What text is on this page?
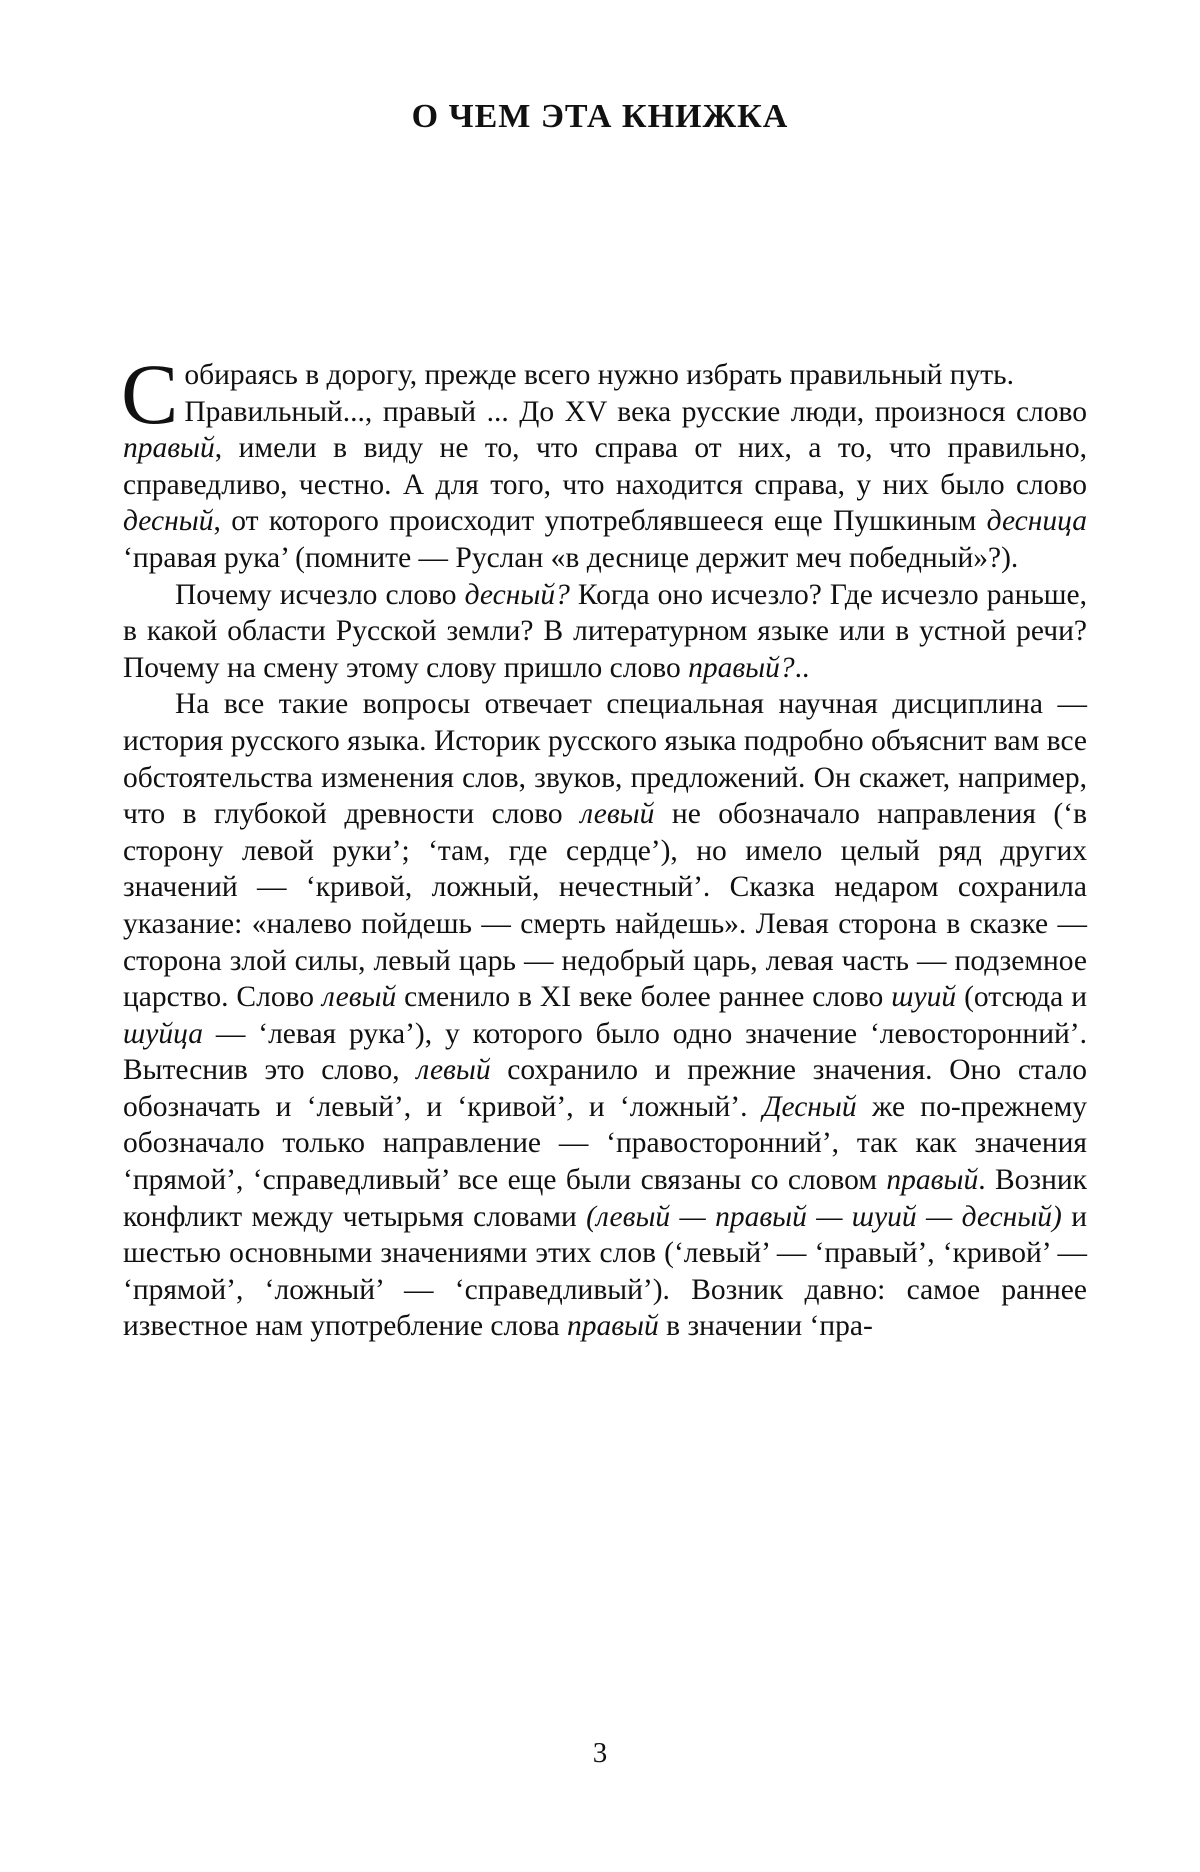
О ЧЕМ ЭТА КНИЖКА

С обираясь в дорогу, прежде всего нужно избрать правильный путь.

Правильный..., правый ... До XV века русские люди, произнося слово правый, имели в виду не то, что справа от них, а то, что правильно, справедливо, честно. А для того, что находится справа, у них было слово десный, от которого происходит употреблявшееся еще Пушкиным десница ‘правая рука’ (помните — Руслан «в деснице держит меч победный»?).

Почему исчезло слово десный? Когда оно исчезло? Где исчезло раньше, в какой области Русской земли? В литературном языке или в устной речи? Почему на смену этому слову пришло слово правый?..

На все такие вопросы отвечает специальная научная дисциплина — история русского языка. Историк русского языка подробно объяснит вам все обстоятельства изменения слов, звуков, предложений. Он скажет, например, что в глубокой древности слово левый не обозначало направления (‘в сторону левой руки’; ‘там, где сердце’), но имело целый ряд других значений — ‘кривой, ложный, нечестный’. Сказка недаром сохранила указание: «налево пойдешь — смерть найдешь». Левая сторона в сказке — сторона злой силы, левый царь — недобрый царь, левая часть — подземное царство. Слово левый сменило в XI веке более раннее слово шуий (отсюда и шуйца — ‘левая рука’), у которого было одно значение ‘левосторонний’. Вытеснив это слово, левый сохранило и прежние значения. Оно стало обозначать и ‘левый’, и ‘кривой’, и ‘ложный’. Десный же по-прежнему обозначало только направление — ‘правосторонний’, так как значения ‘прямой’, ‘справедливый’ все еще были связаны со словом правый. Возник конфликт между четырьмя словами (левый — правый — шуий — десный) и шестью основными значениями этих слов (‘левый’ — ‘правый’, ‘кривой’ — ‘прямой’, ‘ложный’ — ‘справедливый’). Возник давно: самое раннее известное нам употребление слова правый в значении ‘пра-

3
